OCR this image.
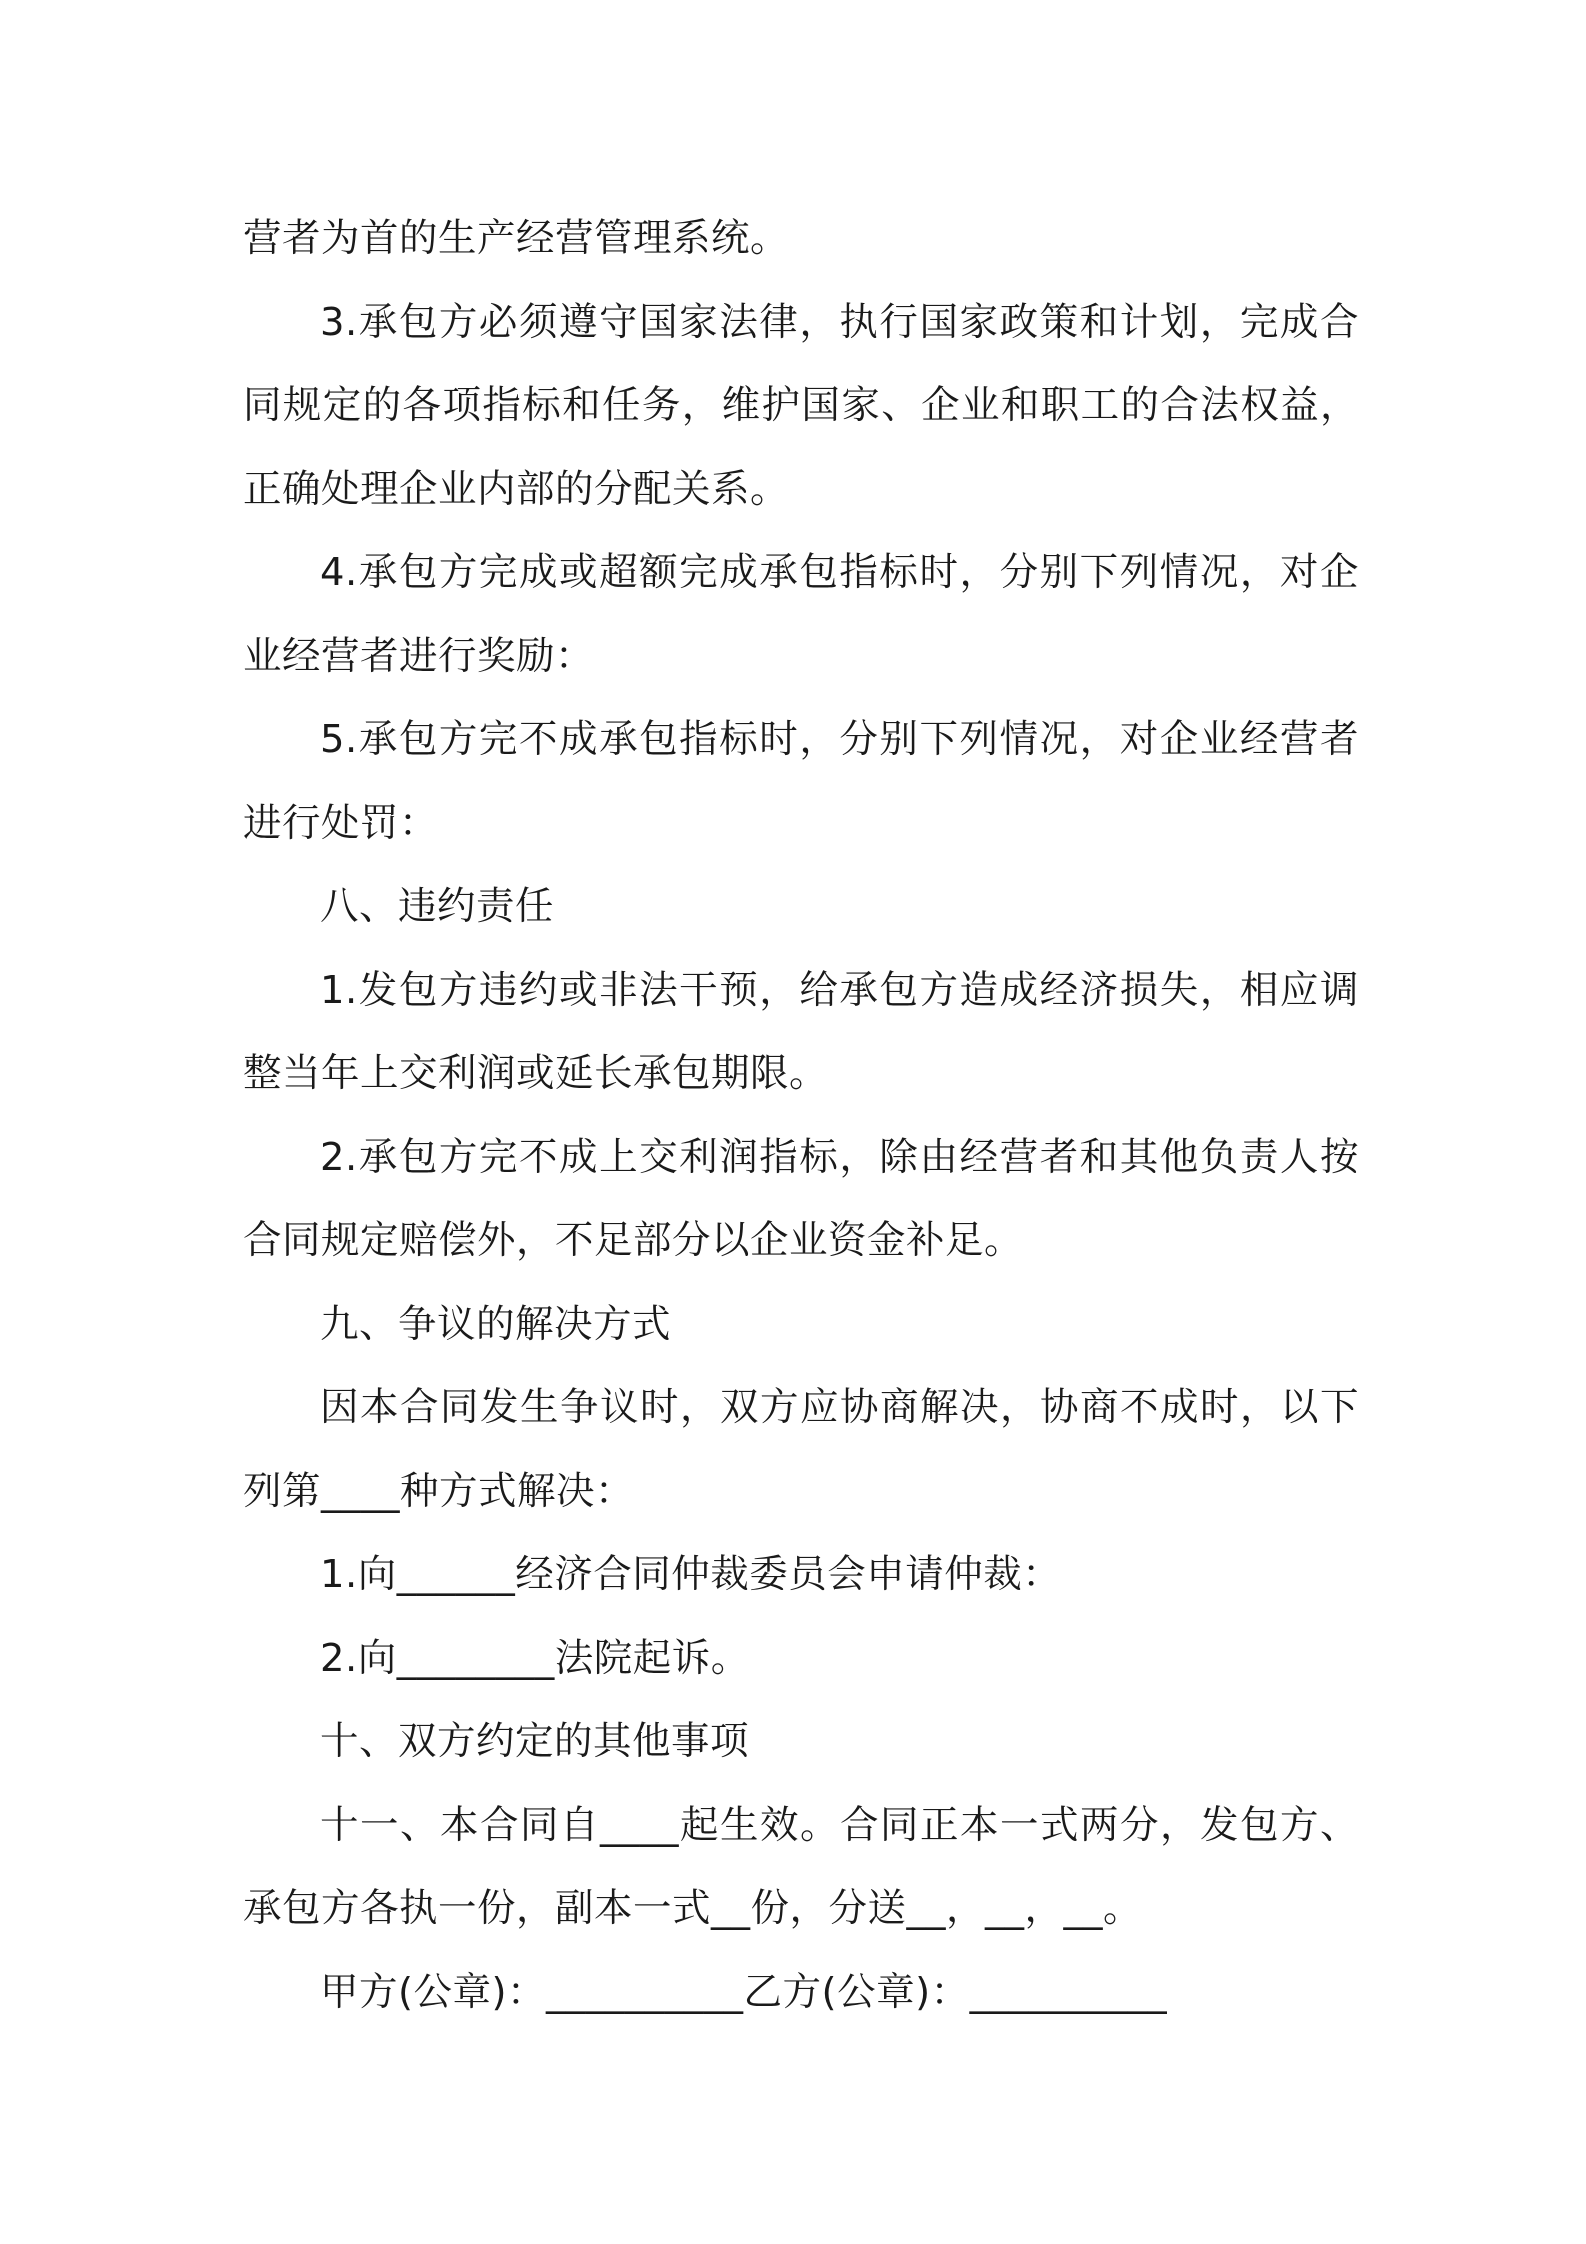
营者为首的生产经营管理系统。

3.承包方必须遵守国家法律，执行国家政策和计划，完成合同规定的各项指标和任务，维护国家、企业和职工的合法权益，正确处理企业内部的分配关系。

4.承包方完成或超额完成承包指标时，分别下列情况，对企业经营者进行奖励：

5.承包方完不成承包指标时，分别下列情况，对企业经营者进行处罚：

八、违约责任

1.发包方违约或非法干预，给承包方造成经济损失，相应调整当年上交利润或延长承包期限。

2.承包方完不成上交利润指标，除由经营者和其他负责人按合同规定赔偿外，不足部分以企业资金补足。

九、争议的解决方式

因本合同发生争议时，双方应协商解决，协商不成时，以下列第____种方式解决：

1.向______经济合同仲裁委员会申请仲裁：

2.向________法院起诉。

十、双方约定的其他事项

十一、本合同自____起生效。合同正本一式两分，发包方、承包方各执一份，副本一式__份，分送__，__，__。

甲方(公章)：__________乙方(公章)：__________
